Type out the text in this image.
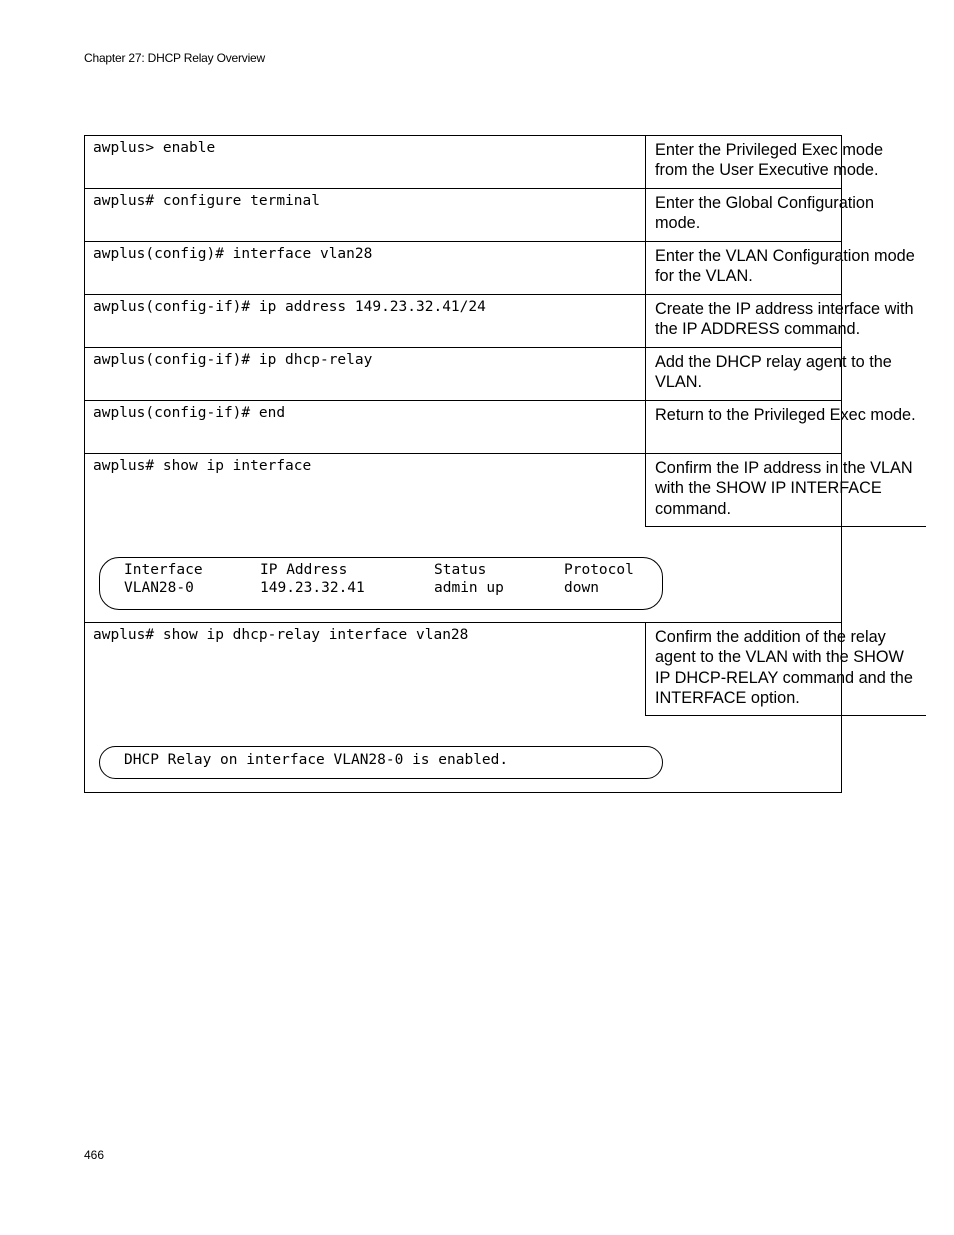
Chapter 27: DHCP Relay Overview
awplus> enable	Enter the Privileged Exec mode from the User Executive mode.
awplus# configure terminal	Enter the Global Configuration mode.
awplus(config)# interface vlan28	Enter the VLAN Configuration mode for the VLAN.
awplus(config-if)# ip address 149.23.32.41/24	Create the IP address interface with the IP ADDRESS command.
awplus(config-if)# ip dhcp-relay	Add the DHCP relay agent to the VLAN.
awplus(config-if)# end	Return to the Privileged Exec mode.
awplus# show ip interface	Confirm the IP address in the VLAN with the SHOW IP INTERFACE command.
Interface	IP Address	Status	Protocol
VLAN28-0	149.23.32.41	admin up	down
awplus# show ip dhcp-relay interface vlan28	Confirm the addition of the relay agent to the VLAN with the SHOW IP DHCP-RELAY command and the INTERFACE option.
DHCP Relay on interface VLAN28-0 is enabled.
466
